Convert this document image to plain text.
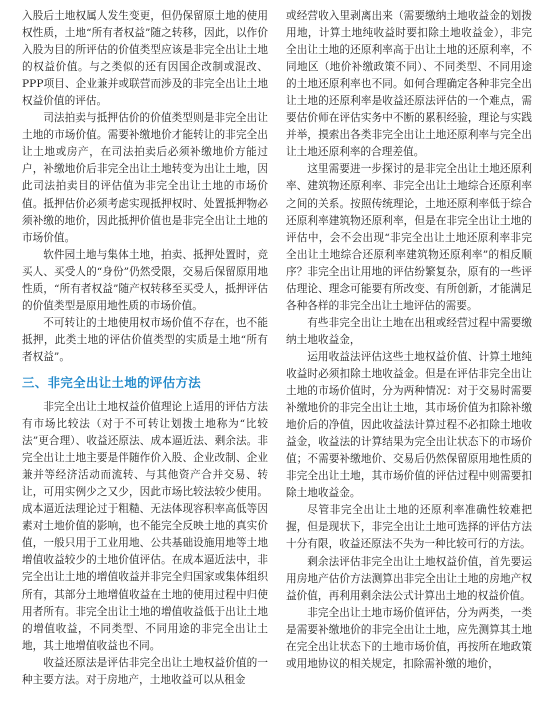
入股后土地权属人发生变更，但仍保留原土地的使用权性质，土地“所有者权益”随之转移，因此，以作价入股为目的所评估的价值类型应该是非完全出让土地的权益价值。与之类似的还有因国企改制或混改、PPP项目、企业兼并或联营而涉及的非完全出让土地权益价值的评估。

司法拍卖与抵押估价的价值类型则是非完全出让土地的市场价值。需要补缴地价才能转让的非完全出让土地或房产，在司法拍卖后必须补缴地价方能过户，补缴地价后非完全出让土地转变为出让土地，因此司法拍卖目的评估值为非完全出让土地的市场价值。抵押估价必须考虑实现抵押权时、处置抵押物必须补缴的地价，因此抵押价值也是非完全出让土地的市场价值。

软件园土地与集体土地，拍卖、抵押处置时，竞买人、买受人的“身份”仍然受限，交易后保留原用地性质，“所有者权益”随产权转移至买受人，抵押评估的价值类型是原用地性质的市场价值。

不可转让的土地使用权市场价值不存在，也不能抵押，此类土地的评估价值类型的实质是土地“所有者权益”。

三、非完全出让土地的评估方法

非完全出让土地权益价值理论上适用的评估方法有市场比较法（对于不可转让划拨土地称为“比较法”更合理）、收益还原法、成本逼近法、剩余法。非完全出让土地主要是伴随作价入股、企业改制、企业兼并等经济活动而流转、与其他资产合并交易、转让，可用实例少之又少，因此市场比较法较少使用。成本逼近法理论过于粗糙、无法体现容积率高低等因素对土地价值的影响，也不能完全反映土地的真实价值，一般只用于工业用地、公共基础设施用地等土地增值收益较少的土地价值评估。在成本逼近法中，非完全出让土地的增值收益并非完全归国家或集体组织所有，其部分土地增值收益在土地的使用过程中归使用者所有。非完全出让土地的增值收益低于出让土地的增值收益，不同类型、不同用途的非完全出让土地，其土地增值收益也不同。

收益还原法是评估非完全出让土地权益价值的一种主要方法。对于房地产，土地收益可以从租金

或经营收入里剥离出来（需要缴纳土地收益金的划拨用地，计算土地纯收益时要扣除土地收益金），非完全出让土地的还原利率高于出让土地的还原利率，不同地区（地价补缴政策不同）、不同类型、不同用途的土地还原利率也不同。如何合理确定各种非完全出让土地的还原利率是收益还原法评估的一个难点，需要估价师在评估实务中不断的累积经验，理论与实践并举，摸索出各类非完全出让土地还原利率与完全出让土地还原利率的合理差值。

这里需要进一步探讨的是非完全出让土地还原利率、建筑物还原利率、非完全出让土地综合还原利率之间的关系。按照传统理论，土地还原利率低于综合还原利率建筑物还原利率，但是在非完全出让土地的评估中，会不会出现“非完全出让土地还原利率非完全出让土地综合还原利率建筑物还原利率”的相反顺序？非完全出让用地的评估纷繁复杂，原有的一些评估理论、理念可能要有所改变、有所创新，才能满足各种各样的非完全出让土地评估的需要。

有些非完全出让土地在出租或经营过程中需要缴纳土地收益金，

运用收益法评估这些土地权益价值、计算土地纯收益时必须扣除土地收益金。但是在评估非完全出让土地的市场价值时，分为两种情况：对于交易时需要补缴地价的非完全出让土地，其市场价值为扣除补缴地价后的净值，因此收益法计算过程不必扣除土地收益金，收益法的计算结果为完全出让状态下的市场价值；不需要补缴地价、交易后仍然保留原用地性质的非完全出让土地，其市场价值的评估过程中则需要扣除土地收益金。

尽管非完全出让土地的还原利率准确性较难把握，但是现状下，非完全出让土地可选择的评估方法十分有限，收益还原法不失为一种比较可行的方法。

剩余法评估非完全出让土地权益价值，首先要运用房地产估价方法测算出非完全出让土地的房地产权益价值，再利用剩余法公式计算出土地的权益价值。

非完全出让土地市场价值评估，分为两类，一类是需要补缴地价的非完全出让土地，应先测算其土地在完全出让状态下的土地市场价值，再按所在地政策或用地协议的相关规定，扣除需补缴的地价，
